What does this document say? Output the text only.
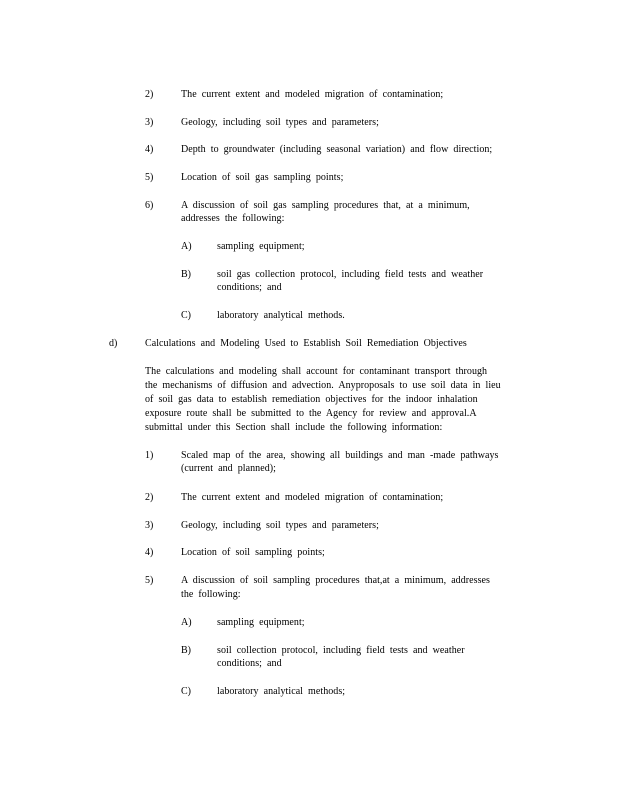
2)	The current extent and modeled migration of contamination;
3)	Geology, including soil types and parameters;
4)	Depth to groundwater (including seasonal variation) and flow direction;
5)	Location of soil gas sampling points;
6)	A discussion of soil gas sampling procedures that, at a minimum,
addresses the following:
A)	sampling equipment;
B)	soil gas collection protocol, including field tests and weather
conditions; and
C)	laboratory analytical methods.
d)	Calculations and Modeling Used to Establish Soil Remediation Objectives
The calculations and modeling shall account for contaminant transport through
the mechanisms of diffusion and advection. Anyproposals to use soil data in lieu
of soil gas data to establish remediation objectives for the indoor inhalation
exposure route shall be submitted to the Agency for review and approval.A
submittal under this Section shall include the following information:
1)	Scaled map of the area, showing all buildings and man -made pathways
(current and planned);
2)	The current extent and modeled migration of contamination;
3)	Geology, including soil types and parameters;
4)	Location of soil sampling points;
5)	A discussion of soil sampling procedures that,at a minimum, addresses
the following:
A)	sampling equipment;
B)	soil collection protocol, including field tests and weather
conditions; and
C)	laboratory analytical methods;
